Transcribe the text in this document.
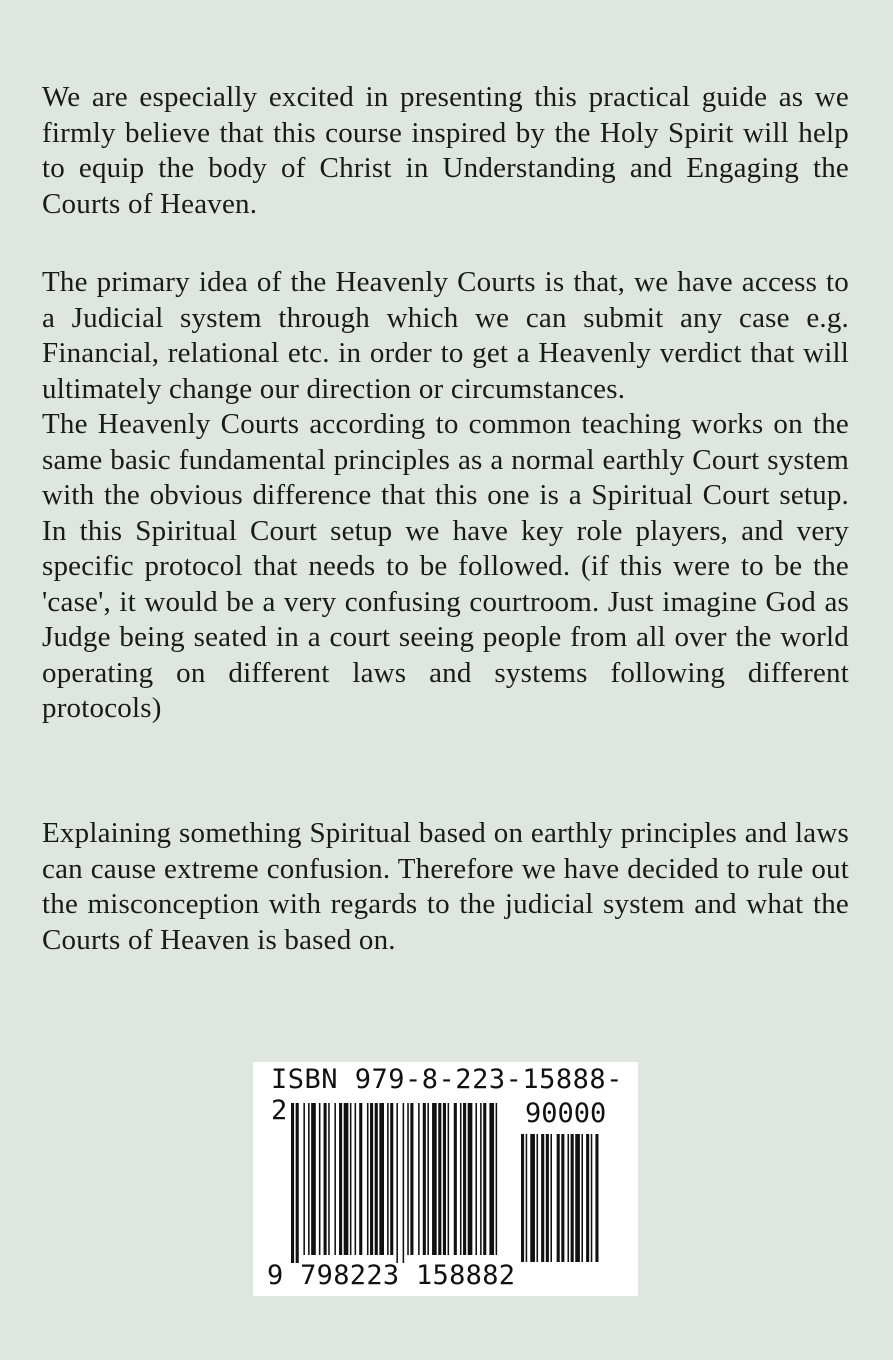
We are especially excited in presenting this practical guide as we firmly believe that this course inspired by the Holy Spirit will help to equip the body of Christ in Understanding and Engaging the Courts of Heaven.

The primary idea of the Heavenly Courts is that, we have access to a Judicial system through which we can submit any case e.g. Financial, relational etc. in order to get a Heavenly verdict that will ultimately change our direction or circumstances.

The Heavenly Courts according to common teaching works on the same basic fundamental principles as a normal earthly Court system with the obvious difference that this one is a Spiritual Court setup. In this Spiritual Court setup we have key role players, and very specific protocol that needs to be followed. (if this were to be the 'case', it would be a very confusing courtroom. Just imagine God as Judge being seated in a court seeing people from all over the world operating on different laws and systems following different protocols)

Explaining something Spiritual based on earthly principles and laws can cause extreme confusion. Therefore we have decided to rule out the misconception with regards to the judicial system and what the Courts of Heaven is based on.

ISBN 979-8-223-15888-2	90000
9 798223 158882
